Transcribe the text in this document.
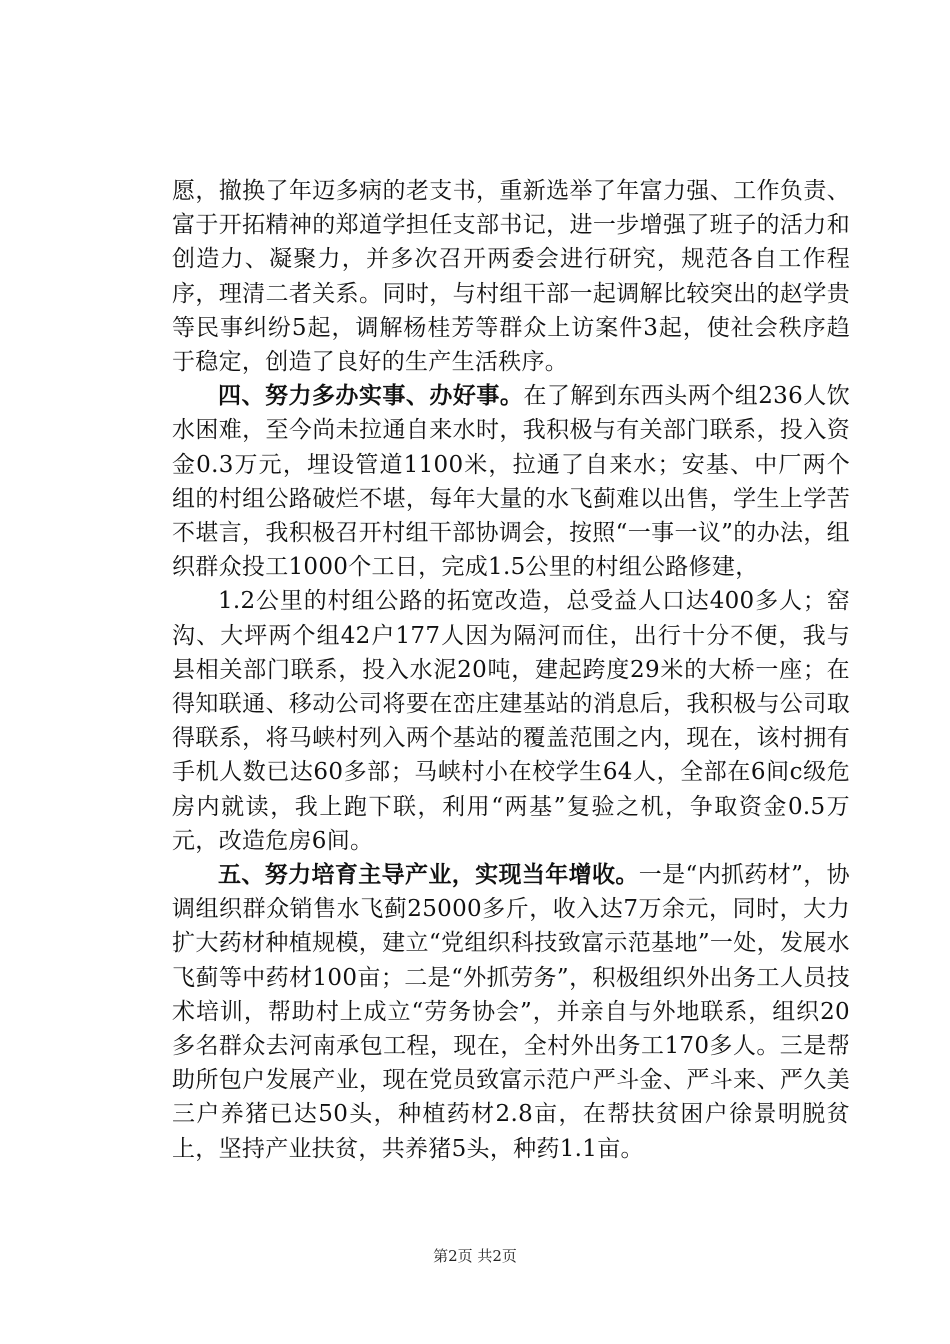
愿，撤换了年迈多病的老支书，重新选举了年富力强、工作负责、富于开拓精神的郑道学担任支部书记，进一步增强了班子的活力和创造力、凝聚力，并多次召开两委会进行研究，规范各自工作程序，理清二者关系。同时，与村组干部一起调解比较突出的赵学贵等民事纠纷5起，调解杨桂芳等群众上访案件3起，使社会秩序趋于稳定，创造了良好的生产生活秩序。

四、努力多办实事、办好事。在了解到东西头两个组236人饮水困难，至今尚未拉通自来水时，我积极与有关部门联系，投入资金0.3万元，埋设管道1100米，拉通了自来水；安基、中厂两个组的村组公路破烂不堪，每年大量的水飞蓟难以出售，学生上学苦不堪言，我积极召开村组干部协调会，按照“一事一议”的办法，组织群众投工1000个工日，完成1.5公里的村组公路修建，

1.2公里的村组公路的拓宽改造，总受益人口达400多人；窑沟、大坪两个组42户177人因为隔河而住，出行十分不便，我与县相关部门联系，投入水泥20吨，建起跨度29米的大桥一座；在得知联通、移动公司将要在峦庄建基站的消息后，我积极与公司取得联系，将马峡村列入两个基站的覆盖范围之内，现在，该村拥有手机人数已达60多部；马峡村小在校学生64人，全部在6间c级危房内就读，我上跑下联，利用“两基”复验之机，争取资金0.5万元，改造危房6间。

五、努力培育主导产业，实现当年增收。一是“内抓药材”，协调组织群众销售水飞蓟25000多斤，收入达7万余元，同时，大力扩大药材种植规模，建立“党组织科技致富示范基地”一处，发展水飞蓟等中药材100亩；二是“外抓劳务”，积极组织外出务工人员技术培训，帮助村上成立“劳务协会”，并亲自与外地联系，组织20多名群众去河南承包工程，现在，全村外出务工170多人。三是帮助所包户发展产业，现在党员致富示范户严斗金、严斗来、严久美三户养猪已达50头，种植药材2.8亩，在帮扶贫困户徐景明脱贫上，坚持产业扶贫，共养猪5头，种药1.1亩。

第2页 共2页
